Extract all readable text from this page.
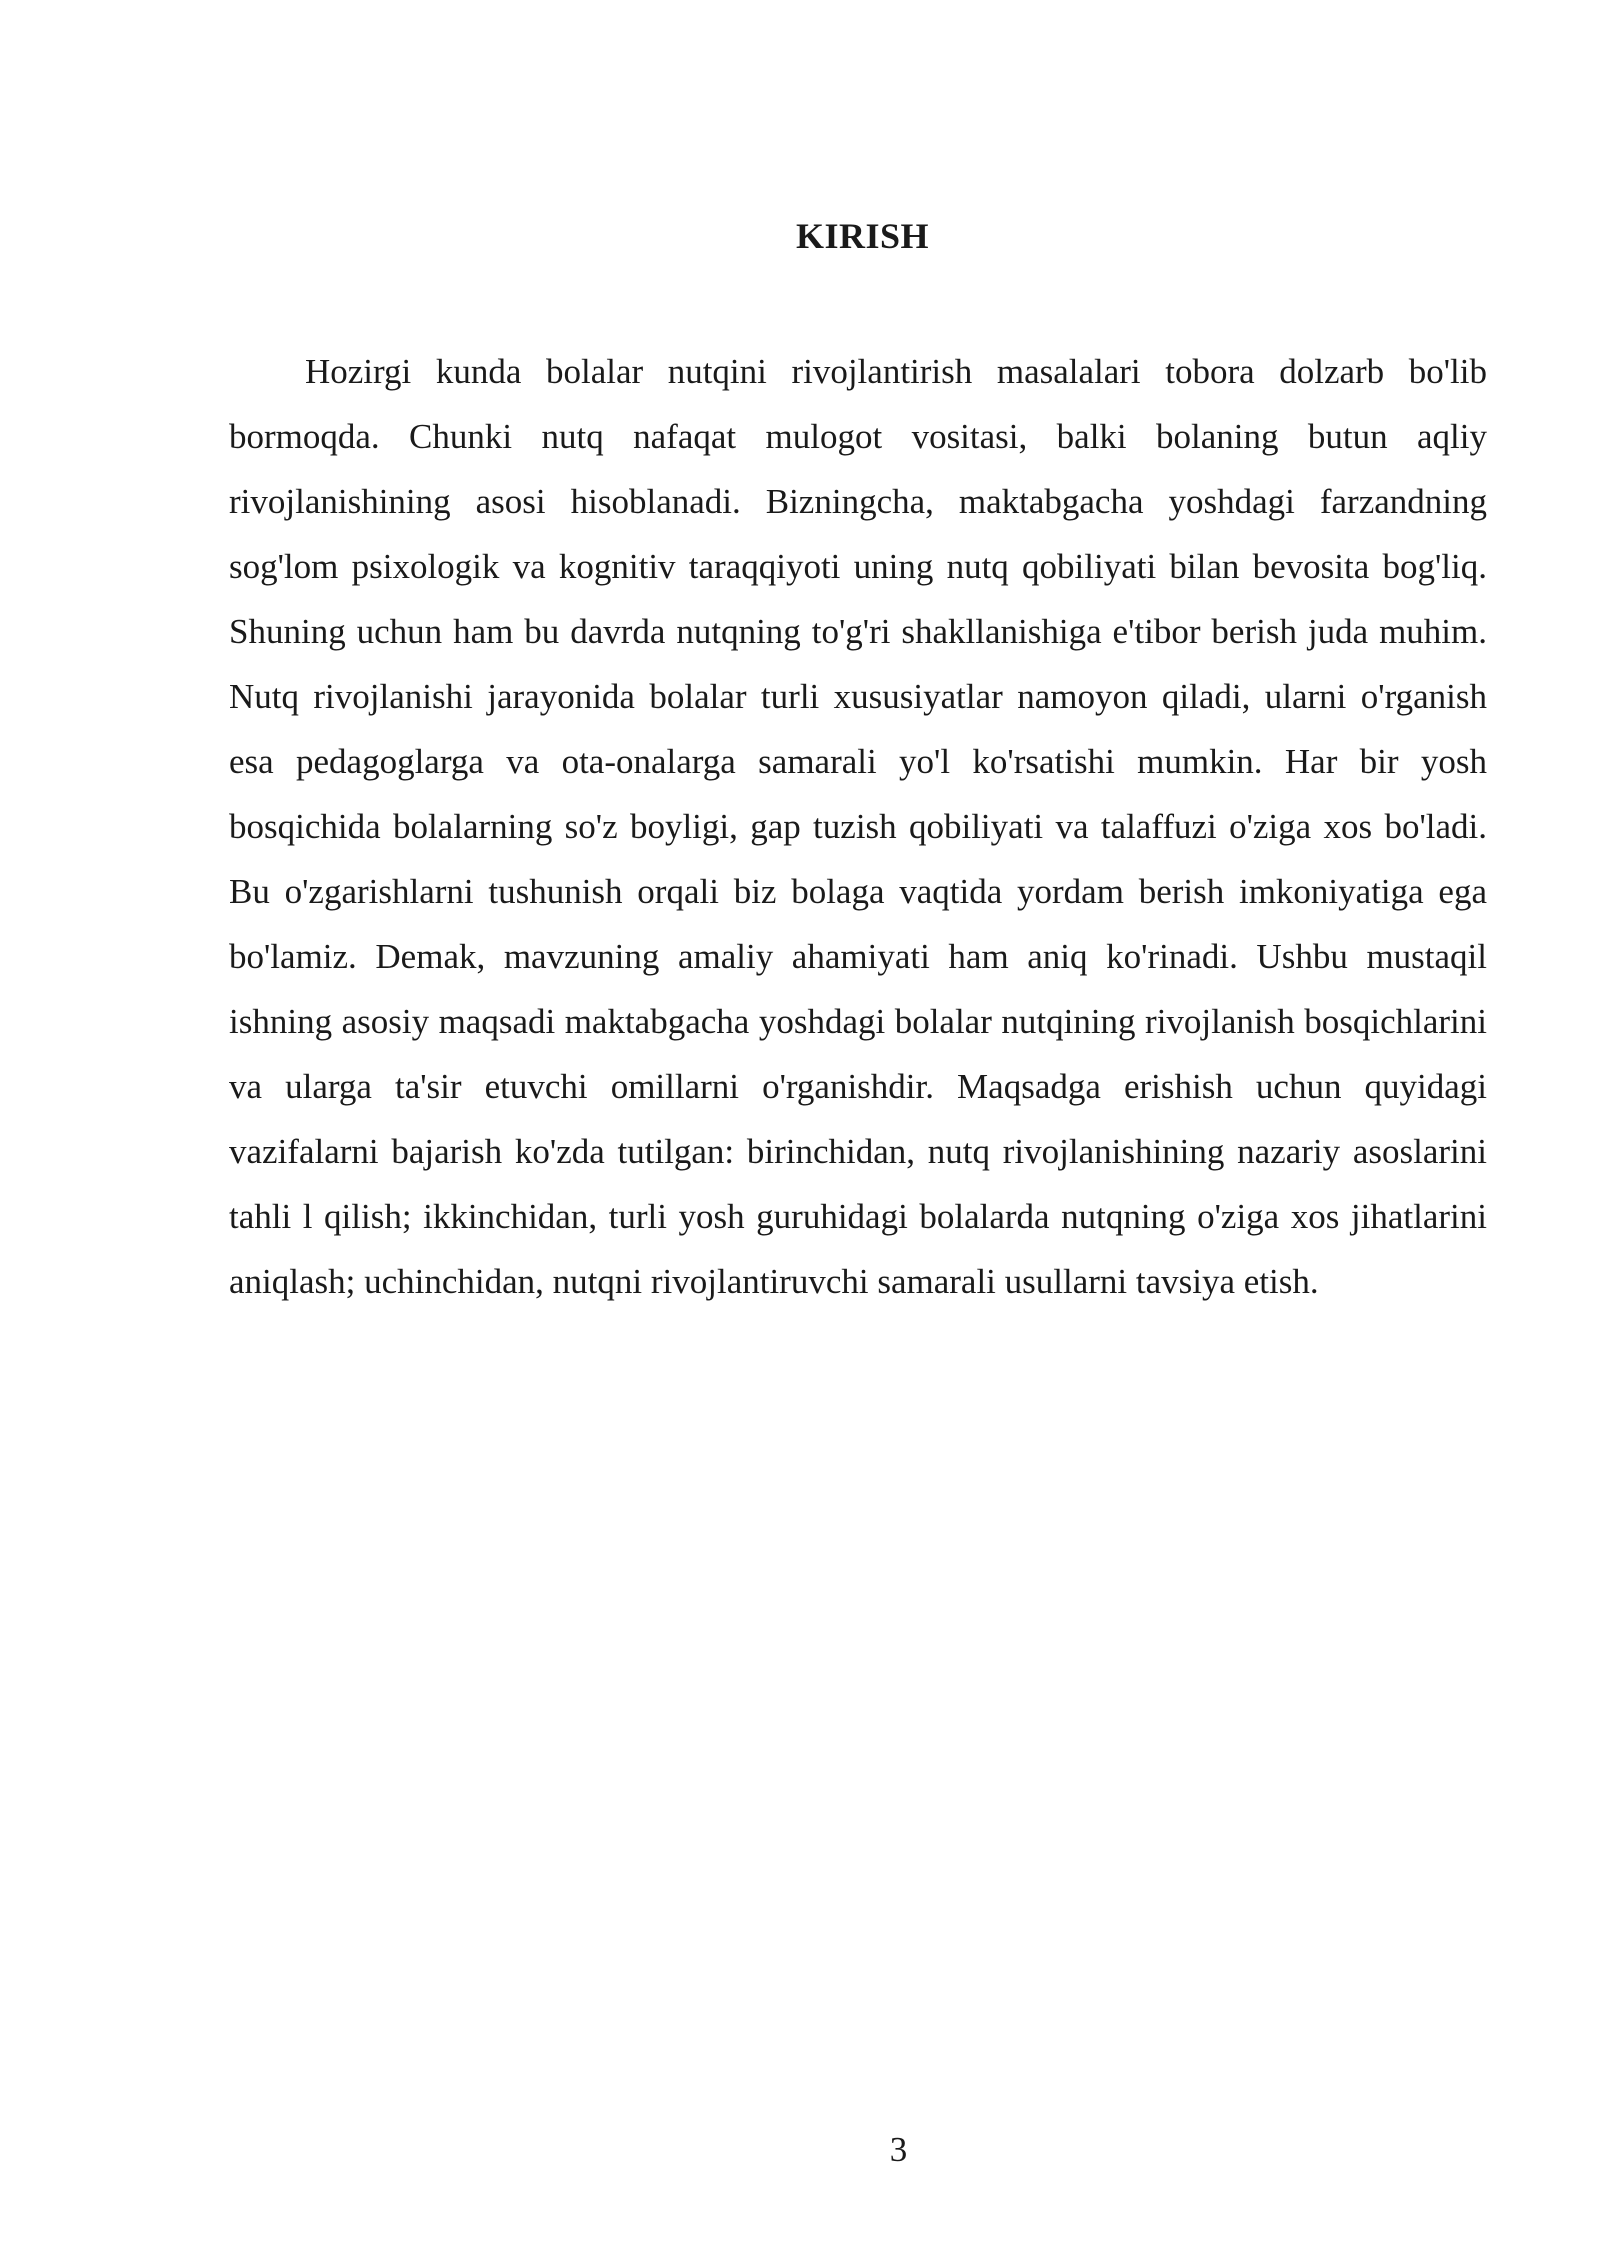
KIRISH

Hozirgi kunda bolalar nutqini rivojlantirish masalalari tobora dolzarb bo'lib bormoqda. Chunki nutq nafaqat mulogot vositasi, balki bolaning butun aqliy rivojlanishining asosi hisoblanadi. Bizningcha, maktabgacha yoshdagi farzandning sog'lom psixologik va kognitiv taraqqiyoti uning nutq qobiliyati bilan bevosita bog'liq. Shuning uchun ham bu davrda nutqning to'g'ri shakllanishiga e'tibor berish juda muhim. Nutq rivojlanishi jarayonida bolalar turli xususiyatlar namoyon qiladi, ularni o'rganish esa pedagoglarga va ota-onalarga samarali yo'l ko'rsatishi mumkin. Har bir yosh bosqichida bolalarning so'z boyligi, gap tuzish qobiliyati va talaffuzi o'ziga xos bo'ladi. Bu o'zgarishlarni tushunish orqali biz bolaga vaqtida yordam berish imkoniyatiga ega bo'lamiz. Demak, mavzuning amaliy ahamiyati ham aniq ko'rinadi. Ushbu mustaqil ishning asosiy maqsadi maktabgacha yoshdagi bolalar nutqining rivojlanish bosqichlarini va ularga ta'sir etuvchi omillarni o'rganishdir. Maqsadga erishish uchun quyidagi vazifalarni bajarish ko'zda tutilgan: birinchidan, nutq rivojlanishining nazariy asoslarini tahli l qilish; ikkinchidan, turli yosh guruhidagi bolalarda nutqning o'ziga xos jihatlarini aniqlash; uchinchidan, nutqni rivojlantiruvchi samarali usullarni tavsiya etish.

3
